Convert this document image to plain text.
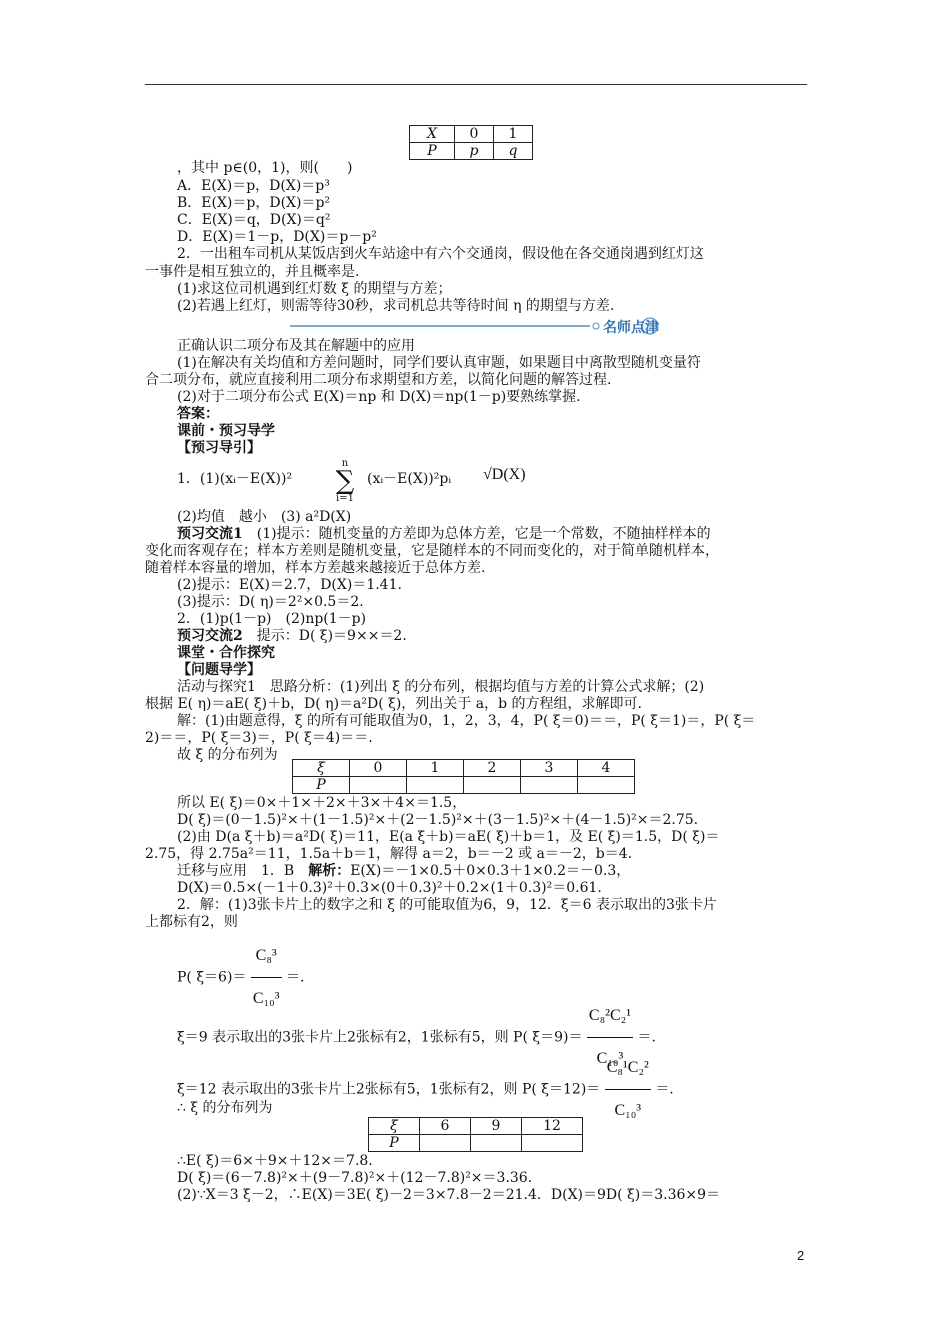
X	0	1
P	p	q
，其中 p∈(0，1)，则(　　)
A．E(X)＝p，D(X)＝p³
B．E(X)＝p，D(X)＝p²
C．E(X)＝q，D(X)＝q²
D．E(X)＝1－p，D(X)＝p－p²
2．一出租车司机从某饭店到火车站途中有六个交通岗，假设他在各交通岗遇到红灯这
一事件是相互独立的，并且概率是.
(1)求这位司机遇到红灯数 ξ 的期望与方差；
(2)若遇上红灯，则需等待30秒，求司机总共等待时间 η 的期望与方差.
名师点津
正确认识二项分布及其在解题中的应用
(1)在解决有关均值和方差问题时，同学们要认真审题，如果题目中离散型随机变量符
合二项分布，就应直接利用二项分布求期望和方差，以简化问题的解答过程.
(2)对于二项分布公式 E(X)＝np 和 D(X)＝np(1－p)要熟练掌握.
答案：
课前・预习导学
【预习导引】
1．(1)(xᵢ－E(X))²
n
∑
i=1
(xᵢ－E(X))²pᵢ	√D(X)
(2)均值　越小　(3) a²D(X)
预习交流1　(1)提示：随机变量的方差即为总体方差，它是一个常数，不随抽样样本的
变化而客观存在；样本方差则是随机变量，它是随样本的不同而变化的，对于简单随机样本，
随着样本容量的增加，样本方差越来越接近于总体方差.
(2)提示：E(X)＝2.7，D(X)＝1.41.
(3)提示：D( η)＝2²×0.5＝2.
2．(1)p(1－p)　(2)np(1－p)
预习交流2　提示：D( ξ)＝9××＝2.
课堂・合作探究
【问题导学】
活动与探究1　思路分析：(1)列出 ξ 的分布列，根据均值与方差的计算公式求解；(2)
根据 E( η)＝aE( ξ)＋b，D( η)＝a²D( ξ)，列出关于 a，b 的方程组，求解即可.
解：(1)由题意得，ξ 的所有可能取值为0，1，2，3，4，P( ξ＝0)＝＝，P( ξ＝1)＝，P( ξ＝
2)＝＝，P( ξ＝3)＝，P( ξ＝4)＝＝.
故 ξ 的分布列为
ξ	0	1	2	3	4
P					
所以 E( ξ)＝0×＋1×＋2×＋3×＋4×＝1.5，
D( ξ)＝(0－1.5)²×＋(1－1.5)²×＋(2－1.5)²×＋(3－1.5)²×＋(4－1.5)²×＝2.75.
(2)由 D(a ξ＋b)＝a²D( ξ)＝11，E(a ξ＋b)＝aE( ξ)＋b＝1，及 E( ξ)＝1.5，D( ξ)＝
2.75，得 2.75a²＝11，1.5a＋b＝1，解得 a＝2，b＝－2 或 a＝－2，b＝4.
迁移与应用　1．B　解析：E(X)＝－1×0.5＋0×0.3＋1×0.2＝－0.3，
D(X)＝0.5×(－1＋0.3)²＋0.3×(0＋0.3)²＋0.2×(1＋0.3)²＝0.61.
2．解：(1)3张卡片上的数字之和 ξ 的可能取值为6，9，12．ξ＝6 表示取出的3张卡片
上都标有2，则
P( $\xi=6)= \frac{\text{C₈³}}{\text{C₁₀³}}$ ＝.
ξ＝9 表示取出的3张卡片上2张标有2，1张标有5，则 P( $\xi=9)= \frac{\text{C₈²C₂¹}}{\text{C₁₀³}}$ ＝.
ξ＝12 表示取出的3张卡片上2张标有5，1张标有2，则 P( $\xi=12)= \frac{\text{C₈¹C₂²}}{\text{C₁₀³}}$ ＝.
∴ ξ 的分布列为
ξ	6	9	12
P			
∴E( ξ)＝6×＋9×＋12×＝7.8.
D( ξ)＝(6－7.8)²×＋(9－7.8)²×＋(12－7.8)²×＝3.36.
(2)∵X＝3 ξ－2，∴E(X)＝3E( ξ)－2＝3×7.8－2＝21.4．D(X)＝9D( ξ)＝3.36×9＝
2
